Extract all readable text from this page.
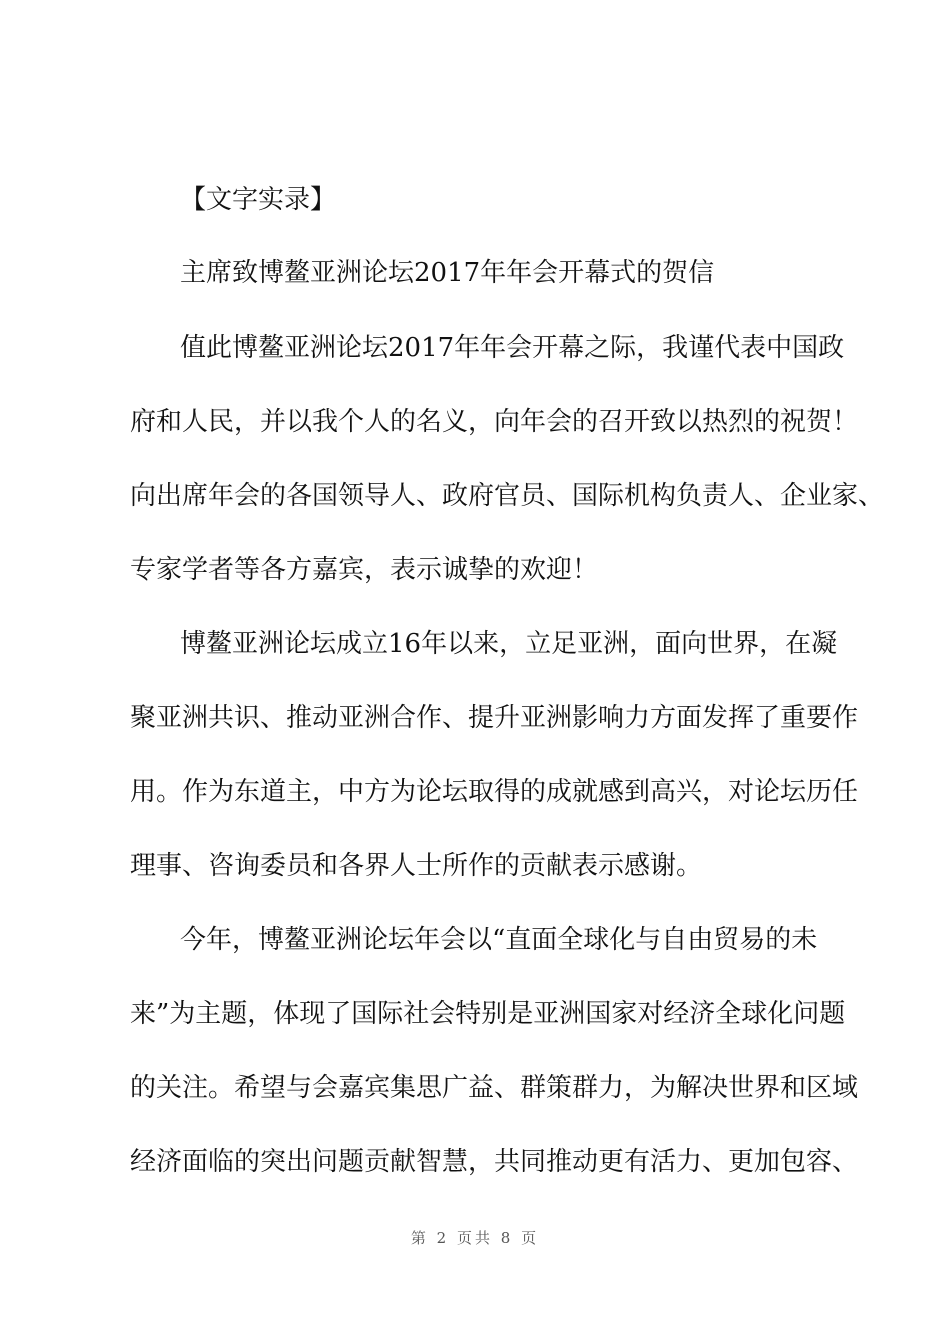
【文字实录】
主席致博鳌亚洲论坛2017年年会开幕式的贺信
值此博鳌亚洲论坛2017年年会开幕之际，我谨代表中国政
府和人民，并以我个人的名义，向年会的召开致以热烈的祝贺！
向出席年会的各国领导人、政府官员、国际机构负责人、企业家、
专家学者等各方嘉宾，表示诚挚的欢迎！
博鳌亚洲论坛成立16年以来，立足亚洲，面向世界，在凝
聚亚洲共识、推动亚洲合作、提升亚洲影响力方面发挥了重要作
用。作为东道主，中方为论坛取得的成就感到高兴，对论坛历任
理事、咨询委员和各界人士所作的贡献表示感谢。
今年，博鳌亚洲论坛年会以“直面全球化与自由贸易的未
来”为主题，体现了国际社会特别是亚洲国家对经济全球化问题
的关注。希望与会嘉宾集思广益、群策群力，为解决世界和区域
经济面临的突出问题贡献智慧，共同推动更有活力、更加包容、
第 2 页共 8 页
